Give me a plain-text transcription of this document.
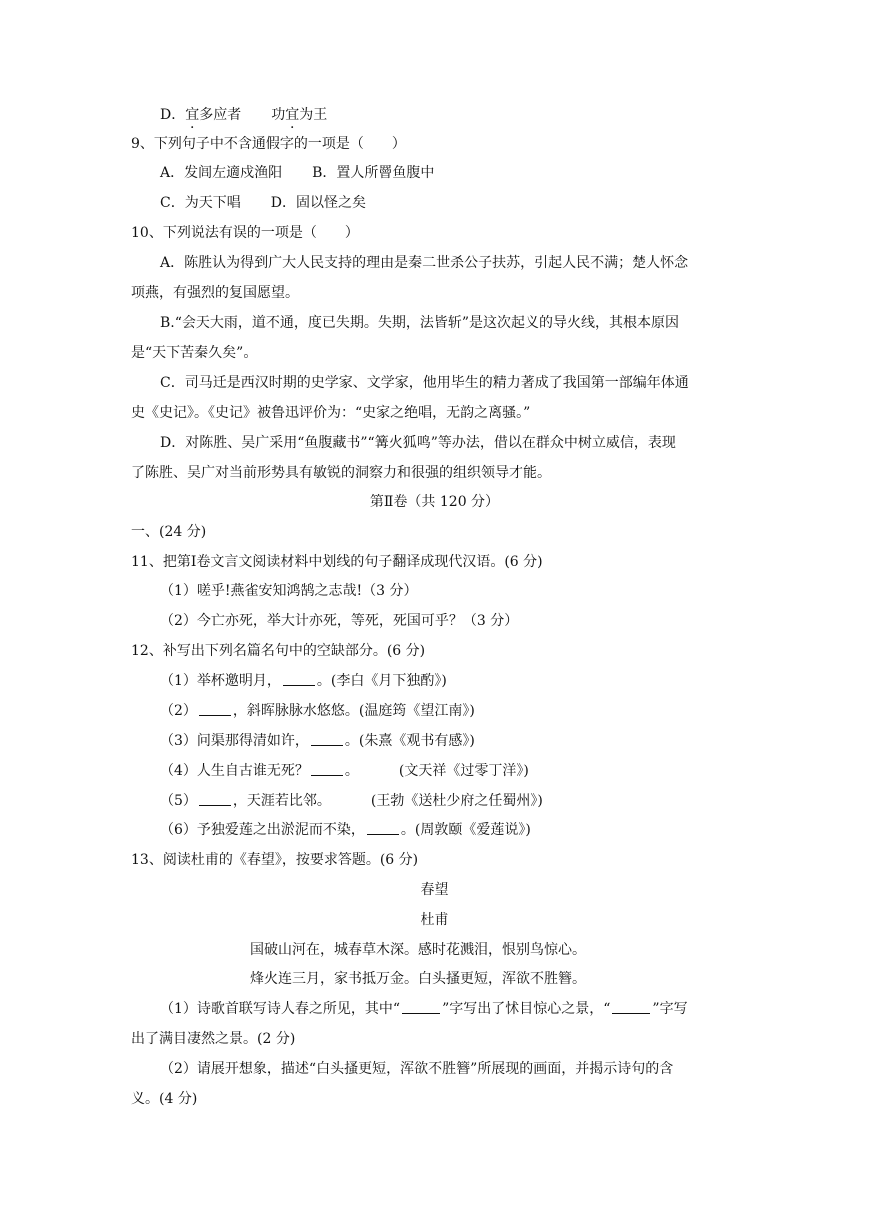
D．宜多应者 功宜为王
9、下列句子中不含通假字的一项是（　　）
A．发闾左適戍渔阳 B．置人所罾鱼腹中
C．为天下唱 D．固以怪之矣
10、下列说法有误的一项是（　　）
A．陈胜认为得到广大人民支持的理由是秦二世杀公子扶苏，引起人民不满；楚人怀念
项燕，有强烈的复国愿望。
B.“会天大雨，道不通，度已失期。失期，法皆斩”是这次起义的导火线，其根本原因
是“天下苦秦久矣”。
C．司马迁是西汉时期的史学家、文学家，他用毕生的精力著成了我国第一部编年体通
史《史记》。《史记》被鲁迅评价为：“史家之绝唱，无韵之离骚。”
D．对陈胜、吴广采用“鱼腹藏书”“篝火狐鸣”等办法，借以在群众中树立威信，表现
了陈胜、吴广对当前形势具有敏锐的洞察力和很强的组织领导才能。
第Ⅱ卷（共 120 分）
一、(24 分)
11、把第Ⅰ卷文言文阅读材料中划线的句子翻译成现代汉语。(6 分)
（1）嗟乎!燕雀安知鸿鹄之志哉!（3 分）
（2）今亡亦死，举大计亦死，等死，死国可乎？（3 分）
12、补写出下列名篇名句中的空缺部分。(6 分)
（1）举杯邀明月，	。(李白《月下独酌》)
（2）	，斜晖脉脉水悠悠。(温庭筠《望江南》)
（3）问渠那得清如许，	。(朱熹《观书有感》)
（4）人生自古谁无死？	。	(文天祥《过零丁洋》)
（5）	，天涯若比邻。	(王勃《送杜少府之任蜀州》)
（6）予独爱莲之出淤泥而不染，	。(周敦颐《爱莲说》)
13、阅读杜甫的《春望》，按要求答题。(6 分)
春望
杜甫
国破山河在，城春草木深。感时花溅泪，恨别鸟惊心。
烽火连三月，家书抵万金。白头搔更短，浑欲不胜簪。
（1）诗歌首联写诗人春之所见，其中“	”字写出了怵目惊心之景，“	”字写
出了满目凄然之景。(2 分)
（2）请展开想象，描述“白头搔更短，浑欲不胜簪”所展现的画面，并揭示诗句的含
义。(4 分)
